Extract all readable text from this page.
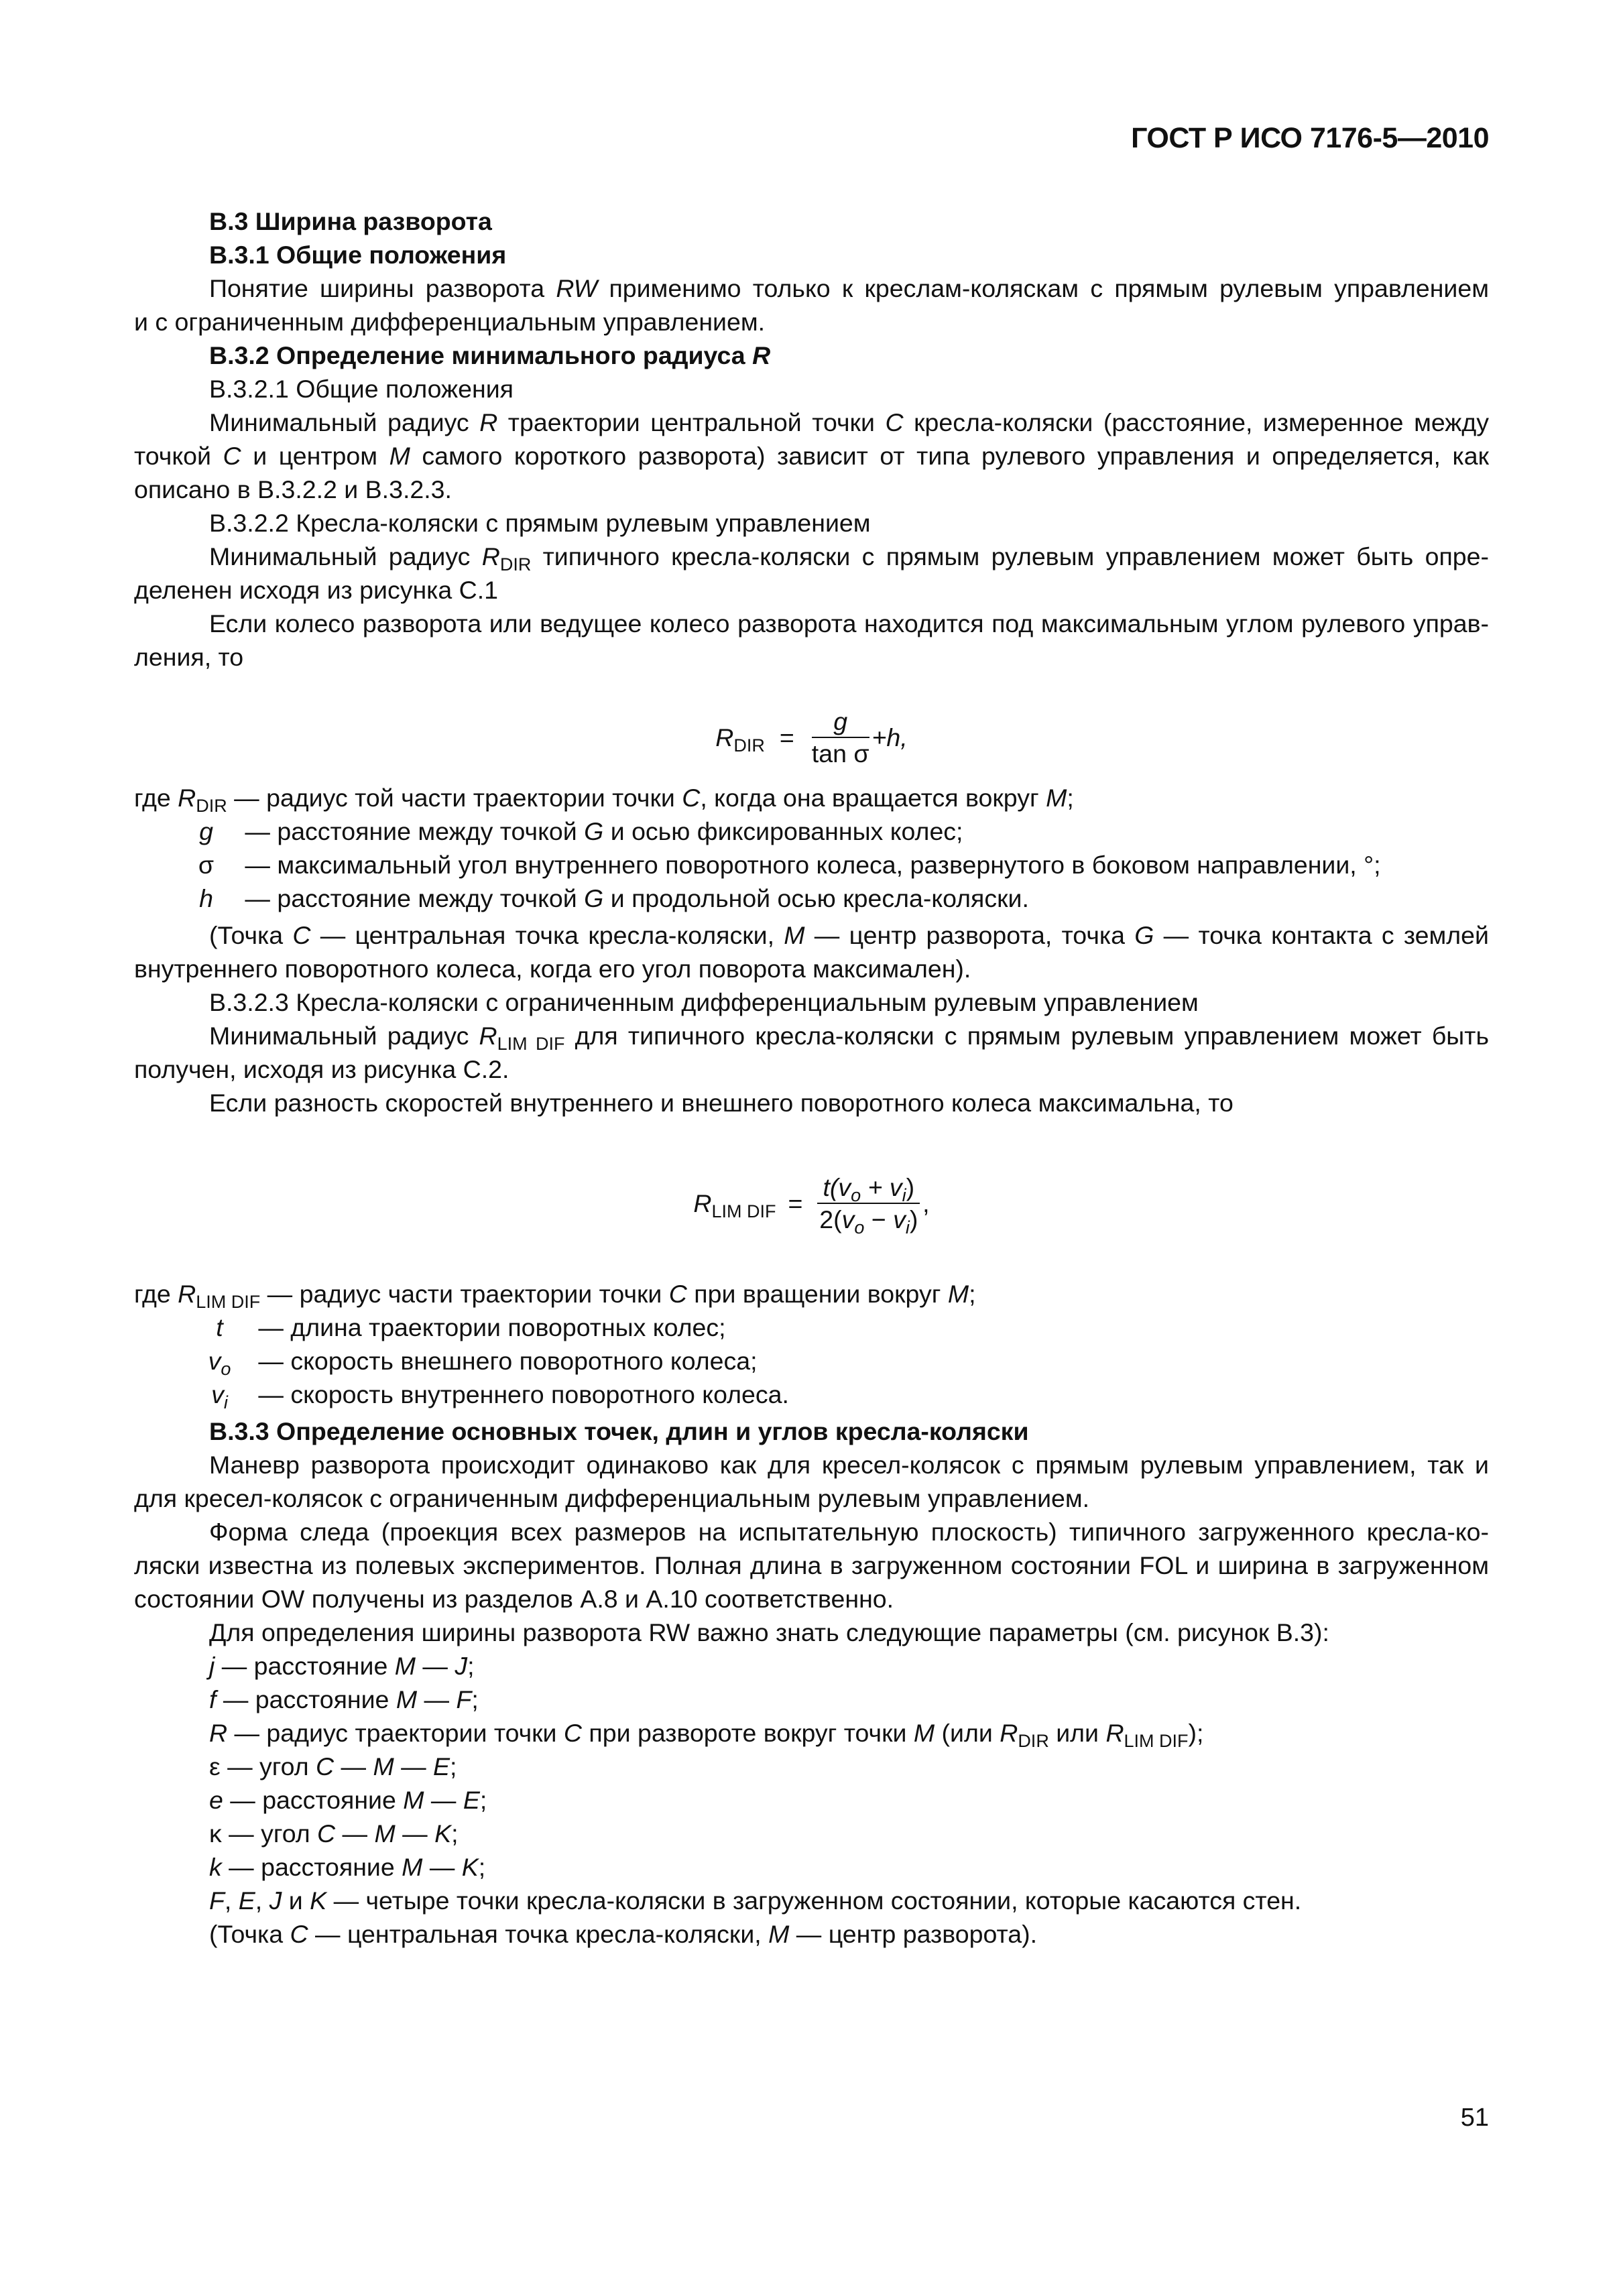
ГОСТ Р ИСО 7176-5—2010
В.3 Ширина разворота
В.3.1 Общие положения
Понятие ширины разворота RW применимо только к креслам-коляскам с прямым рулевым управлением
и с ограниченным дифференциальным управлением.
В.3.2 Определение минимального радиуса R
В.3.2.1 Общие положения
Минимальный радиус R траектории центральной точки C кресла-коляски (расстояние, измеренное между
точкой C и центром M самого короткого разворота) зависит от типа рулевого управления и определяется, как
описано в В.3.2.2 и В.3.2.3.
В.3.2.2 Кресла-коляски с прямым рулевым управлением
Минимальный радиус $R_{DIR}$ типичного кресла-коляски с прямым рулевым управлением может быть опре-
деленен исходя из рисунка С.1
Если колесо разворота или ведущее колесо разворота находится под максимальным углом рулевого управ-
ления, то
$R_{DIR} = \frac{g}{\text{tan σ}} +h$,
где $R_{DIR}$ — радиус той части траектории точки C, когда она вращается вокруг M;
g — расстояние между точкой G и осью фиксированных колес;
σ — максимальный угол внутреннего поворотного колеса, развернутого в боковом направлении, °;
h — расстояние между точкой G и продольной осью кресла-коляски.
(Точка C — центральная точка кресла-коляски, M — центр разворота, точка G — точка контакта с землей
внутреннего поворотного колеса, когда его угол поворота максимален).
В.3.2.3 Кресла-коляски с ограниченным дифференциальным рулевым управлением
Минимальный радиус $R_{LIM DIF}$ для типичного кресла-коляски с прямым рулевым управлением может быть
получен, исходя из рисунка С.2.
Если разность скоростей внутреннего и внешнего поворотного колеса максимальна, то
$R_{LIM DIF} = \frac{t(v_o + v_i)}{2(v_o - v_i)}$ ,
где $R_{LIM DIF}$ — радиус части траектории точки C при вращении вокруг M;
t — длина траектории поворотных колес;
$v_o$ — скорость внешнего поворотного колеса;
$v_i$ — скорость внутреннего поворотного колеса.
В.3.3 Определение основных точек, длин и углов кресла-коляски
Маневр разворота происходит одинаково как для кресел-колясок с прямым рулевым управлением, так и
для кресел-колясок с ограниченным дифференциальным рулевым управлением.
Форма следа (проекция всех размеров на испытательную плоскость) типичного загруженного кресла-ко-
ляски известна из полевых экспериментов. Полная длина в загруженном состоянии FOL и ширина в загруженном
состоянии OW получены из разделов А.8 и А.10 соответственно.
Для определения ширины разворота RW важно знать следующие параметры (см. рисунок В.3):
j — расстояние M — J;
f — расстояние M — F;
R — радиус траектории точки C при развороте вокруг точки M (или $R_{DIR}$ или $R_{LIM DIF}$);
ε — угол C — M — E;
e — расстояние M — E;
κ — угол C — M — K;
k — расстояние M — K;
F, E, J и K — четыре точки кресла-коляски в загруженном состоянии, которые касаются стен.
(Точка C — центральная точка кресла-коляски, M — центр разворота).
51
